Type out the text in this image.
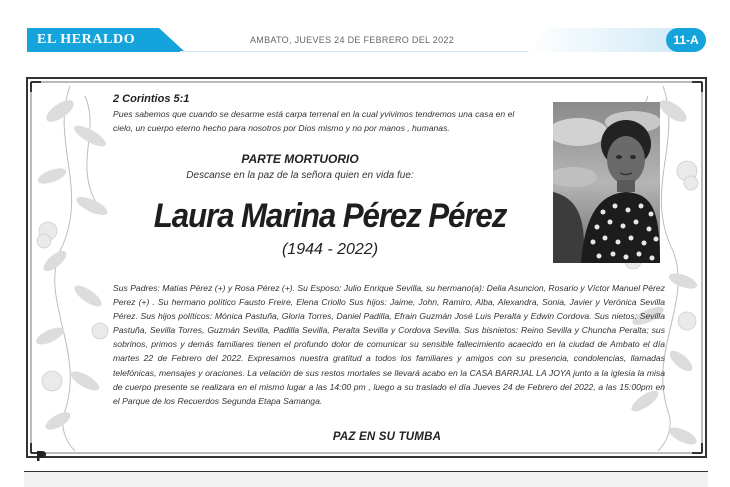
EL HERALDO	AMBATO, JUEVES 24 DE FEBRERO DEL 2022	11-A
2 Corintios 5:1
Pues sabemos que cuando se desarme está carpa terrenal en la cual yvivimos tendremos una casa en el cielo, un cuerpo eterno hecho para nosotros por Dios mismo y no por manos , humanas.
PARTE MORTUORIO
Descanse en la paz de la señora quien en vida fue:
Laura Marina Pérez Pérez
(1944 - 2022)
Sus Padres: Matias Pérez (+) y Rosa Pérez (+). Su Esposo: Julio Enrique Sevilla, su hermano(a): Delia Asuncion, Rosario y Víctor Manuel Pérez Perez (+) . Su hermano político Fausto Freire, Elena Criollo Sus hijos: Jaime, John, Ramiro, Alba, Alexandra, Sonia, Javier y Verónica Sevilla Pérez. Sus hijos políticos: Mónica Pastuña, Gloria Torres, Daniel Padilla, Efrain Guzmán José Luis Peralta y Edwin Cordova. Sus nietos: Sevilla Pastuña, Sevilla Torres, Guzmán Sevilla, Padilla Sevilla, Peralta Sevilla y Cordova Sevilla. Sus bisnietos: Reino Sevilla y Chuncha Peralta; sus sobrinos, primos y demás familiares tienen el profundo dolor de comunicar su sensible fallecimiento acaecido en la ciudad de Ambato el día martes 22 de Febrero del 2022. Expresamos nuestra gratitud a todos los familiares y amigos con su presencia, condolencias, llamadas telefónicas, mensajes y oraciones. La velación de sus restos mortales se llevará acabo en la CASA BARRJAL LA JOYA junto a la iglesia la misa de cuerpo presente se realizara en el mismo lugar a las 14:00 pm , luego a su traslado el día Jueves 24 de Febrero del 2022, a las 15:00pm en el Parque de los Recuerdos Segunda Etapa Samanga.
PAZ EN SU TUMBA
